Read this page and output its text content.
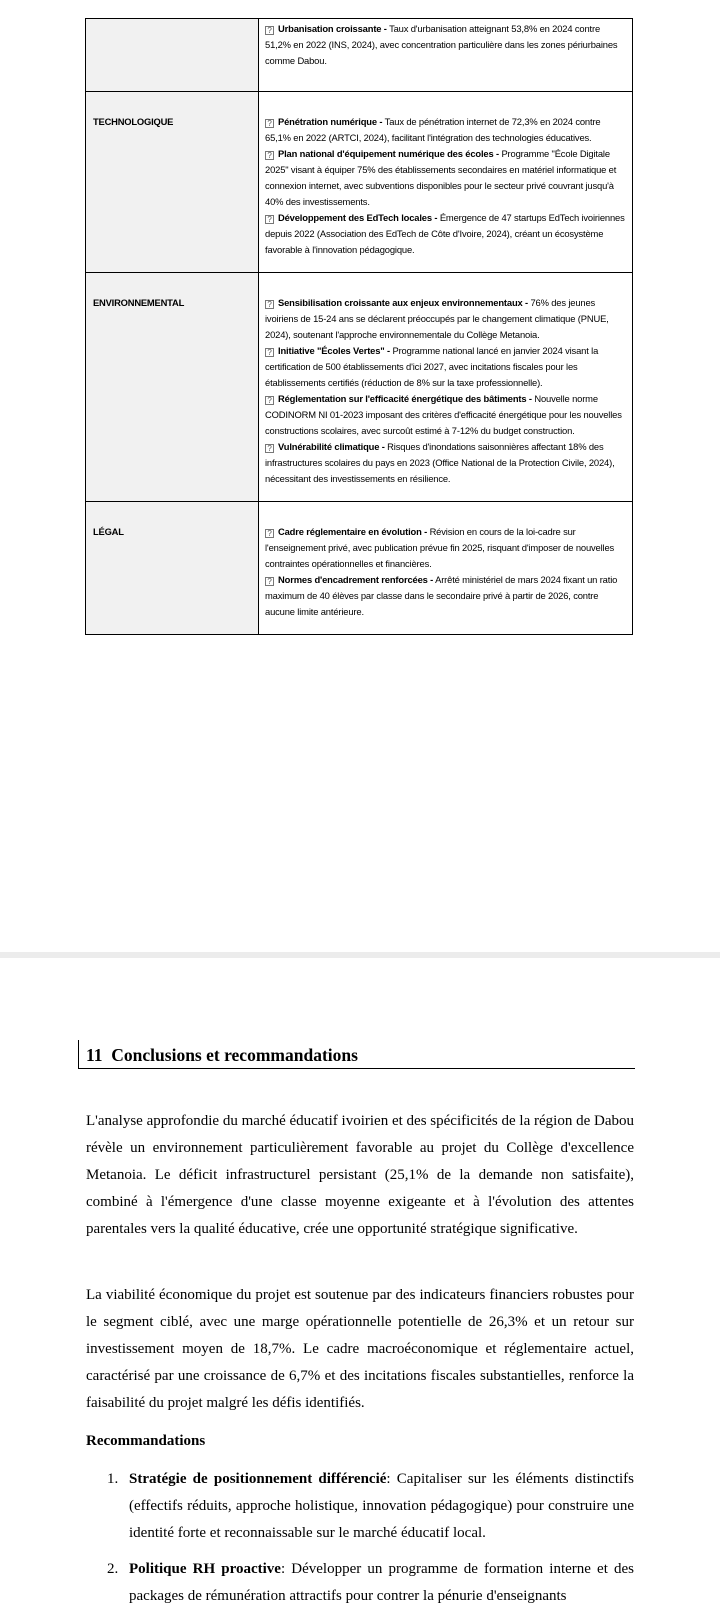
	? Urbanisation croissante - Taux d'urbanisation atteignant 53,8% en 2024 contre 51,2% en 2022 (INS, 2024), avec concentration particulière dans les zones périurbaines comme Dabou.

TECHNOLOGIQUE	? Pénétration numérique - Taux de pénétration internet de 72,3% en 2024 contre 65,1% en 2022 (ARTCI, 2024), facilitant l'intégration des technologies éducatives.
? Plan national d'équipement numérique des écoles - Programme "École Digitale 2025" visant à équiper 75% des établissements secondaires en matériel informatique et connexion internet, avec subventions disponibles pour le secteur privé couvrant jusqu'à 40% des investissements.
? Développement des EdTech locales - Émergence de 47 startups EdTech ivoiriennes depuis 2022 (Association des EdTech de Côte d'Ivoire, 2024), créant un écosystème favorable à l'innovation pédagogique.

ENVIRONNEMENTAL	? Sensibilisation croissante aux enjeux environnementaux - 76% des jeunes ivoiriens de 15-24 ans se déclarent préoccupés par le changement climatique (PNUE, 2024), soutenant l'approche environnementale du Collège Metanoia.
? Initiative "Écoles Vertes" - Programme national lancé en janvier 2024 visant la certification de 500 établissements d'ici 2027, avec incitations fiscales pour les établissements certifiés (réduction de 8% sur la taxe professionnelle).
? Réglementation sur l'efficacité énergétique des bâtiments - Nouvelle norme CODINORM NI 01-2023 imposant des critères d'efficacité énergétique pour les nouvelles constructions scolaires, avec surcoût estimé à 7-12% du budget construction.
? Vulnérabilité climatique - Risques d'inondations saisonnières affectant 18% des infrastructures scolaires du pays en 2023 (Office National de la Protection Civile, 2024), nécessitant des investissements en résilience.

LÉGAL	? Cadre réglementaire en évolution - Révision en cours de la loi-cadre sur l'enseignement privé, avec publication prévue fin 2025, risquant d'imposer de nouvelles contraintes opérationnelles et financières.
? Normes d'encadrement renforcées - Arrêté ministériel de mars 2024 fixant un ratio maximum de 40 élèves par classe dans le secondaire privé à partir de 2026, contre aucune limite antérieure.
11 Conclusions et recommandations

L'analyse approfondie du marché éducatif ivoirien et des spécificités de la région de Dabou révèle un environnement particulièrement favorable au projet du Collège d'excellence Metanoia. Le déficit infrastructurel persistant (25,1% de la demande non satisfaite), combiné à l'émergence d'une classe moyenne exigeante et à l'évolution des attentes parentales vers la qualité éducative, crée une opportunité stratégique significative.

La viabilité économique du projet est soutenue par des indicateurs financiers robustes pour le segment ciblé, avec une marge opérationnelle potentielle de 26,3% et un retour sur investissement moyen de 18,7%. Le cadre macroéconomique et réglementaire actuel, caractérisé par une croissance de 6,7% et des incitations fiscales substantielles, renforce la faisabilité du projet malgré les défis identifiés.

Recommandations
1. Stratégie de positionnement différencié: Capitaliser sur les éléments distinctifs (effectifs réduits, approche holistique, innovation pédagogique) pour construire une identité forte et reconnaissable sur le marché éducatif local.
2. Politique RH proactive: Développer un programme de formation interne et des packages de rémunération attractifs pour contrer la pénurie d'enseignants
